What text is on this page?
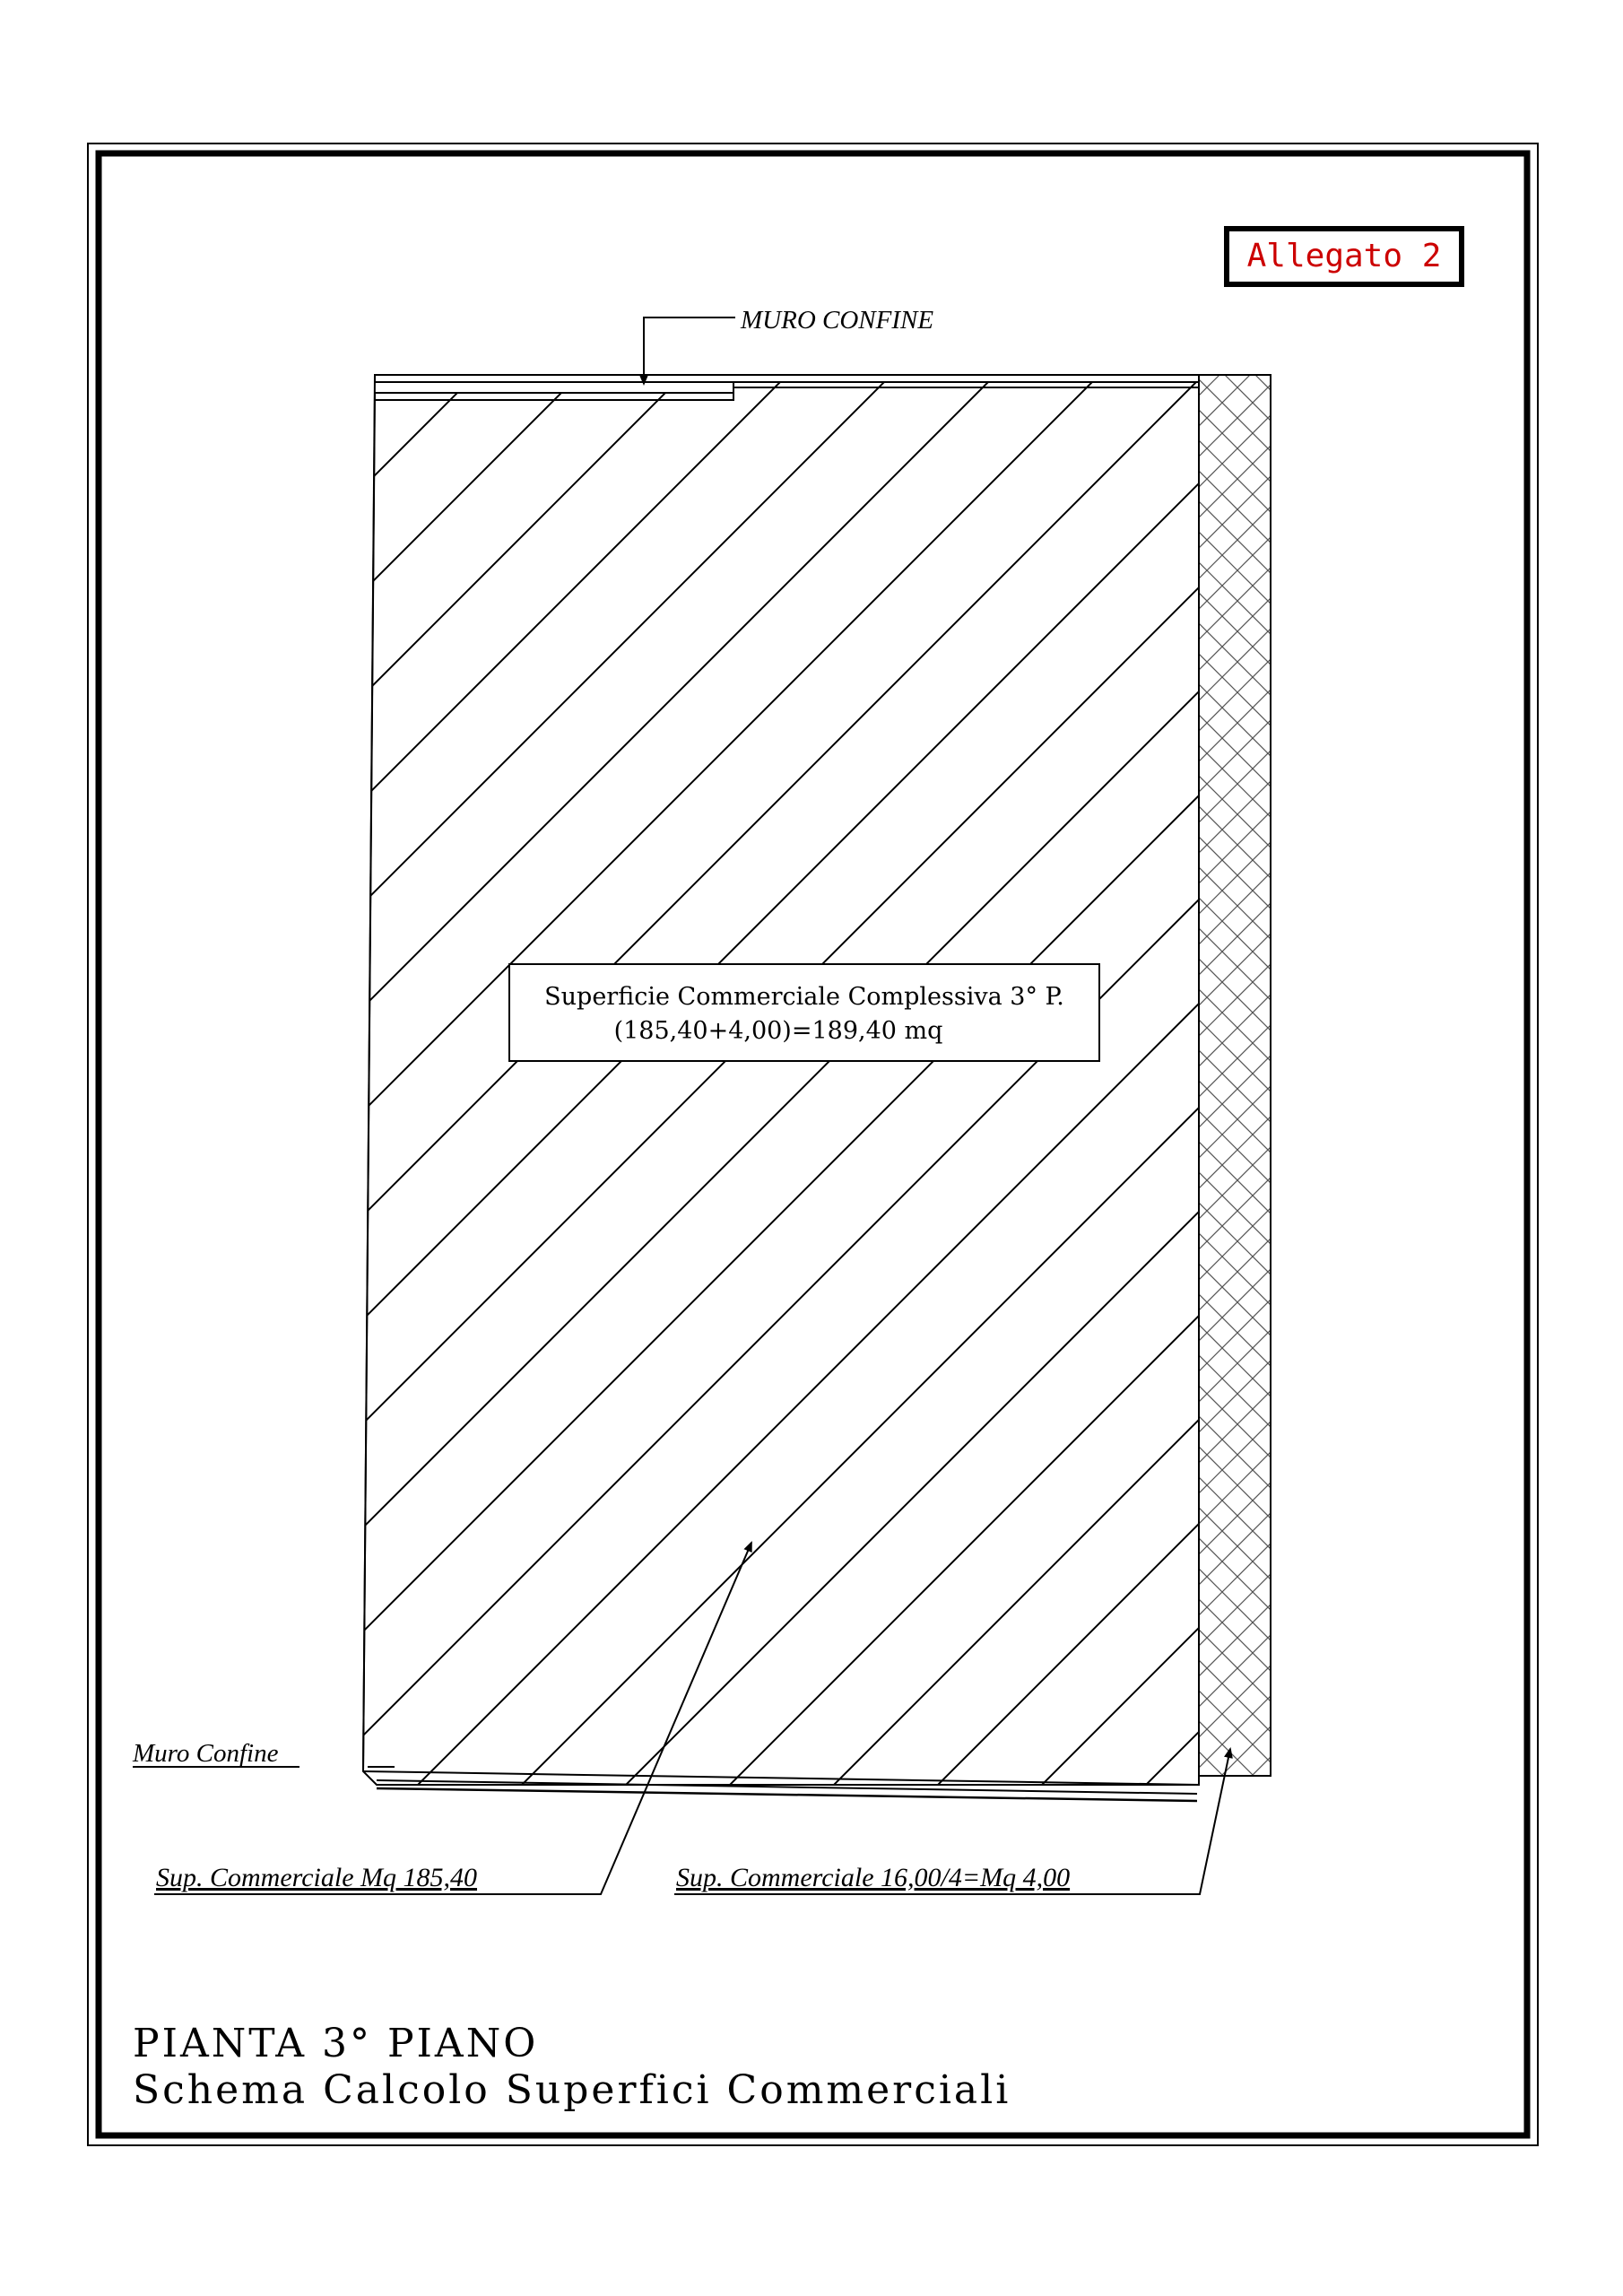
Superficie Commerciale Complessiva 3° P.
(185,40+4,00)=189,40 mq
MURO CONFINE
Muro Confine
Sup. Commerciale Mq 185,40	Sup. Commerciale 16,00/4=Mq 4,00
Allegato 2
PIANTA 3° PIANO
Schema Calcolo Superfici Commerciali
